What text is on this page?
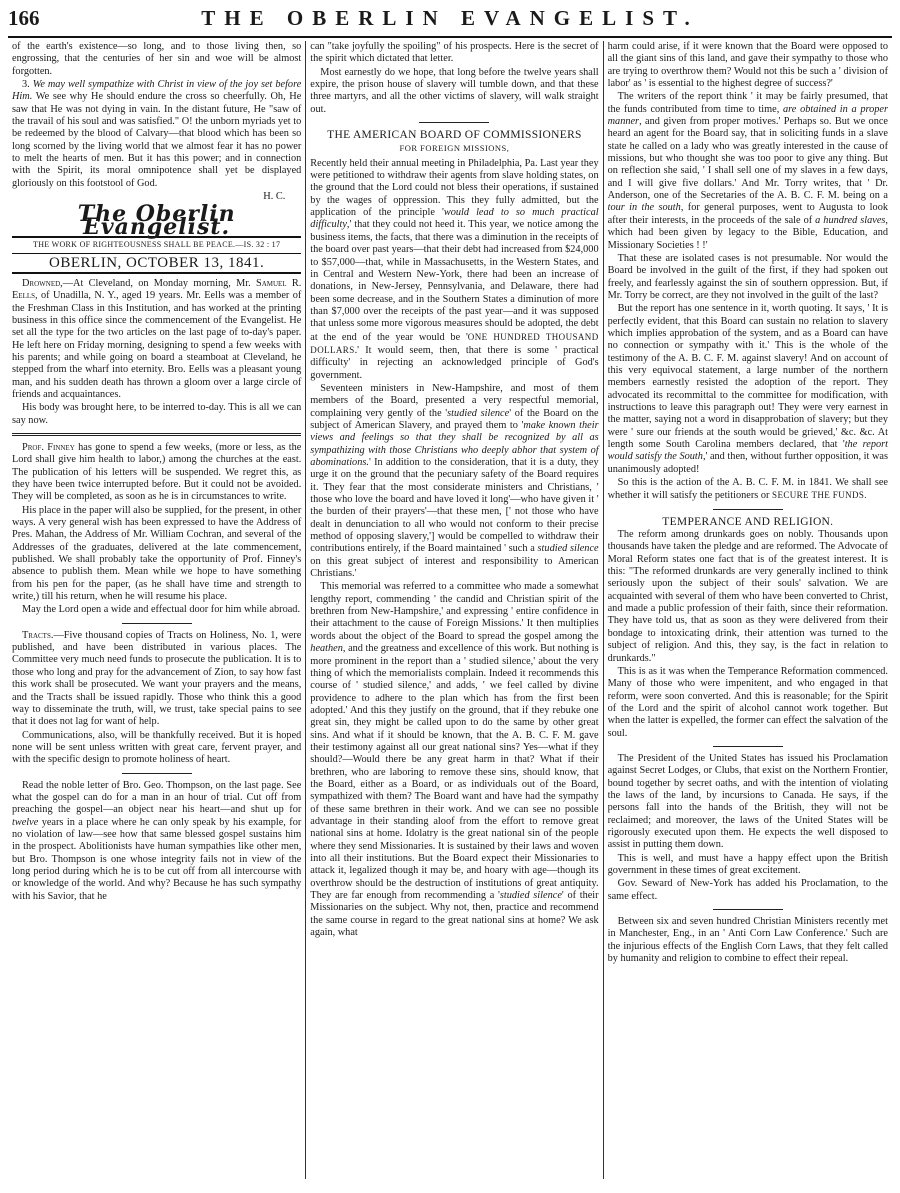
166	THE OBERLIN EVANGELIST.

of the earth's existence—so long, and to those living then, so engrossing, that the centuries of her sin and woe will be almost forgotten.

3. We may well sympathize with Christ in view of the joy set before Him. We see why He should endure the cross so cheerfully. Oh, He saw that He was not dying in vain. In the distant future, He "saw of the travail of his soul and was satisfied." O! the unborn myriads yet to be redeemed by the blood of Calvary—that blood which has been so long scorned by the living world that we almost fear it has no power to melt the hearts of men. But it has this power; and in connection with the Spirit, its moral omnipotence shall yet be displayed gloriously on this footstool of God.

H. C.
The Oberlin Evangelist.
THE WORK OF RIGHTEOUSNESS SHALL BE PEACE.—IS. 32 : 17
OBERLIN, OCTOBER 13, 1841.

Drowned,—At Cleveland, on Monday morning, Mr. Samuel R. Eells, of Unadilla, N. Y., aged 19 years. Mr. Eells was a member of the Freshman Class in this Institution, and has worked at the printing business in this office since the commencement of the Evangelist. He set all the type for the two articles on the last page of to-day's paper. He left here on Friday morning, designing to spend a few weeks with his parents; and while going on board a steamboat at Cleveland, he stepped from the wharf into eternity. Bro. Eells was a pleasant young man, and his sudden death has thrown a gloom over a large circle of friends and acquaintances.

His body was brought here, to be interred to-day. This is all we can say now.

Prof. Finney has gone to spend a few weeks, (more or less, as the Lord shall give him health to labor,) among the churches at the east. The publication of his letters will be suspended. We regret this, as they have been twice interrupted before. But it could not be avoided. They will be completed, as soon as he is in circumstances to write.

His place in the paper will also be supplied, for the present, in other ways. A very general wish has been expressed to have the Address of Pres. Mahan, the Address of Mr. William Cochran, and several of the Addresses of the graduates, delivered at the late commencement, published. We shall probably take the opportunity of Prof. Finney's absence to publish them. Mean while we hope to have something from his pen for the paper, (as he shall have time and strength to write,) till his return, when he will resume his place.

May the Lord open a wide and effectual door for him while abroad.

Tracts.—Five thousand copies of Tracts on Holiness, No. 1, were published, and have been distributed in various places. The Committee very much need funds to prosecute the publication. It is to those who long and pray for the advancement of Zion, to say how fast this work shall be prosecuted. We want your prayers and the means, and the Tracts shall be issued rapidly. Those who think this a good way to disseminate the truth, will, we trust, take special pains to see that it does not lag for want of help.

Communications, also, will be thankfully received. But it is hoped none will be sent unless written with great care, fervent prayer, and with the specific design to promote holiness of heart.

Read the noble letter of Bro. Geo. Thompson, on the last page. See what the gospel can do for a man in an hour of trial. Cut off from preaching the gospel—an object near his heart—and shut up for twelve years in a place where he can only speak by his example, for no violation of law—see how that same blessed gospel sustains him in the prospect. Abolitionists have human sympathies like other men, but Bro. Thompson is one whose integrity fails not in view of the long period during which he is to be cut off from all intercourse with or knowledge of the world. And why? Because he has such sympathy with his Savior, that he

can "take joyfully the spoiling" of his prospects. Here is the secret of the spirit which dictated that letter.

Most earnestly do we hope, that long before the twelve years shall expire, the prison house of slavery will tumble down, and that these three martyrs, and all the other victims of slavery, will walk straight out.

THE AMERICAN BOARD OF COMMISSIONERS
FOR FOREIGN MISSIONS,

Recently held their annual meeting in Philadelphia, Pa. Last year they were petitioned to withdraw their agents from slave holding states, on the ground that the Lord could not bless their operations, if sustained by the wages of oppression. This they fully admitted, but the application of the principle 'would lead to so much practical difficulty,' that they could not heed it. This year, we notice among the business items, the facts, that there was a diminution in the receipts of the board over past years—that their debt had increased from $24,000 to $57,000—that, while in Massachusetts, in the Western States, and in Central and Western New-York, there had been an increase of donations, in New-Jersey, Pennsylvania, and Delaware, there had been some decrease, and in the Southern States a diminution of more than $7,000 over the receipts of the past year—and it was supposed that unless some more vigorous measures should be adopted, the debt at the end of the year would be 'ONE HUNDRED THOUSAND DOLLARS.' It would seem, then, that there is some ' practical difficulty' in rejecting an acknowledged principle of God's government.

Seventeen ministers in New-Hampshire, and most of them members of the Board, presented a very respectful memorial, complaining very gently of the 'studied silence' of the Board on the subject of American Slavery, and prayed them to 'make known their views and feelings so that they shall be recognized by all as sympathizing with those Christians who deeply abhor that system of abominations.' In addition to the consideration, that it is a duty, they urge it on the ground that the pecuniary safety of the Board requires it. They fear that the most considerate ministers and Christians, ' those who love the board and have loved it long'—who have given it ' the burden of their prayers'—that these men, [' not those who have dealt in denunciation to all who would not conform to their precise method of opposing slavery,'] would be compelled to withdraw their contributions entirely, if the Board maintained ' such a studied silence on this great subject of interest and responsibility to American Christians.'

This memorial was referred to a committee who made a somewhat lengthy report, commending ' the candid and Christian spirit of the brethren from New-Hampshire,' and expressing ' entire confidence in their attachment to the cause of Foreign Missions.' It then multiplies words about the object of the Board to spread the gospel among the heathen, and the greatness and excellence of this work. But nothing is more prominent in the report than a ' studied silence,' about the very thing of which the memorialists complain. Indeed it recommends this course of ' studied silence,' and adds, ' we feel called by divine providence to adhere to the plan which has from the first been adopted.' And this they justify on the ground, that if they rebuke one great sin, they might be called upon to do the same by other great sins. And what if it should be known, that the A. B. C. F. M. gave their testimony against all our great national sins? Yes—what if they should?—Would there be any great harm in that? What if their brethren, who are laboring to remove these sins, should know, that the Board, either as a Board, or as individuals out of the Board, sympathized with them? The Board want and have had the sympathy of these same brethren in their work. And we can see no possible advantage in their standing aloof from the effort to remove great national sins at home. Idolatry is the great national sin of the people where they send Missionaries. It is sustained by their laws and woven into all their institutions. But the Board expect their Missionaries to attack it, legalized though it may be, and hoary with age—though its overthrow should be the destruction of institutions of great antiquity. They are far enough from recommending a 'studied silence' of their Missionaries on the subject. Why not, then, practice and recommend the same course in regard to the great national sins at home? We ask again, what

harm could arise, if it were known that the Board were opposed to all the giant sins of this land, and gave their sympathy to those who are trying to overthrow them? Would not this be such a ' division of labor' as ' is essential to the highest degree of success?'

The writers of the report think ' it may be fairly presumed, that the funds contributed from time to time, are obtained in a proper manner, and given from proper motives.' Perhaps so. But we once heard an agent for the Board say, that in soliciting funds in a slave state he called on a lady who was greatly interested in the cause of missions, but who thought she was too poor to give any thing. But on reflection she said, ' I shall sell one of my slaves in a few days, and I will give five dollars.' And Mr. Torry writes, that ' Dr. Anderson, one of the Secretaries of the A. B. C. F. M. being on a tour in the south, for general purposes, went to Augusta to look after their interests, in the proceeds of the sale of a hundred slaves, which had been given by legacy to the Bible, Education, and Missionary Societies ! !'

That these are isolated cases is not presumable. Nor would the Board be involved in the guilt of the first, if they had spoken out freely, and fearlessly against the sin of southern oppression. But, if Mr. Torry be correct, are they not involved in the guilt of the last?

But the report has one sentence in it, worth quoting. It says, ' It is perfectly evident, that this Board can sustain no relation to slavery which implies approbation of the system, and as a Board can have no connection or sympathy with it.' This is the whole of the testimony of the A. B. C. F. M. against slavery! And on account of this very equivocal statement, a large number of the northern members earnestly resisted the adoption of the report. They advocated its recommittal to the committee for modification, with instructions to leave this paragraph out! They were very earnest in the matter, saying not a word in disapprobation of slavery; but they were ' sure our friends at the south would be grieved,' &c. &c. At length some South Carolina members declared, that 'the report would satisfy the South,' and then, without further opposition, it was unanimously adopted!

So this is the action of the A. B. C. F. M. in 1841. We shall see whether it will satisfy the petitioners or SECURE THE FUNDS.

TEMPERANCE AND RELIGION.

The reform among drunkards goes on nobly. Thousands upon thousands have taken the pledge and are reformed. The Advocate of Moral Reform states one fact that is of the greatest interest. It is this: "The reformed drunkards are very generally inclined to think seriously upon the subject of their souls' salvation. We are acquainted with several of them who have been converted to Christ, and made a public profession of their faith, since their reformation. They have told us, that as soon as they were delivered from their bondage to intoxicating drink, their attention was turned to the subject of religion. And this, they say, is the fact in relation to drunkards."

This is as it was when the Temperance Reformation commenced. Many of those who were impenitent, and who engaged in that reform, were soon converted. And this is reasonable; for the Spirit of the Lord and the spirit of alcohol cannot work together. But when the latter is expelled, the former can effect the salvation of the soul.

The President of the United States has issued his Proclamation against Secret Lodges, or Clubs, that exist on the Northern Frontier, bound together by secret oaths, and with the intention of violating the laws of the land, by incursions to Canada. He says, if the persons fall into the hands of the British, they will not be reclaimed; and moreover, the laws of the United States will be rigorously executed upon them. He expects the well disposed to assist in putting them down.

This is well, and must have a happy effect upon the British government in these times of great excitement.

Gov. Seward of New-York has added his Proclamation, to the same effect.

Between six and seven hundred Christian Ministers recently met in Manchester, Eng., in an ' Anti Corn Law Conference.' Such are the injurious effects of the English Corn Laws, that they felt called by humanity and religion to combine to effect their repeal.
